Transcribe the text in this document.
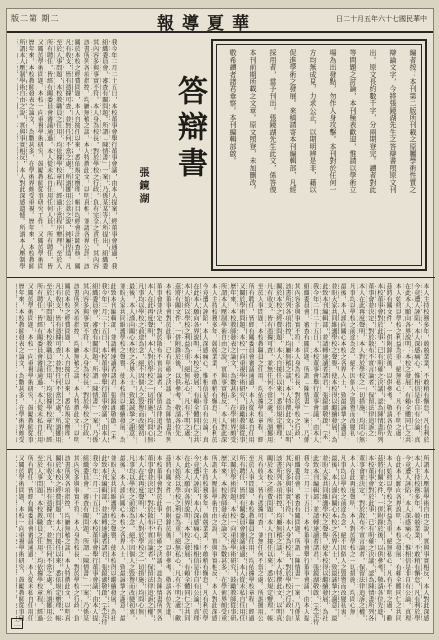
版二第 期二	報導夏華	日二十月五年六十七國民華中
編者按：本刊第二版所刊載之原屬學術性質之
辯論文字，今將張鏡湖先生之答辯書照原文刊
出。原文長約數千字，分兩期登完。讀者對此
等問題之討論，本刊極表歡迎，惟請以學術立
場為出發點，勿作人身攻擊。本刊對於任何一
方均無成見，力求公正，以期明辨是非，藉以
促進學術之發展。來稿請寄本刊編輯部，凡經
採用者，當予刊出。張鏡湖先生此文，係答復
本刊前期所載之文章。原文照登，未加刪改。
敬希讀者諸君垂察。本刊編輯部啟。
答辯書
張鏡湖
我今年二月二十五日，本校董事會舉行董事會議，由本人提案，經董事會通過，我
組織委員會，審查有關問題。所謂「陳情書」一案，乃係某某等人所提出，組織委
其內容多與事實不符。本人身為校長，對於學校之行政，負有完全之責任。其內容
該書所列各項指控，均屬無稽之談，本人特撰此文，以明真相，並請各界公評。該
關於本校之經費問題，本人自接任以來，悉依規定辦理，帳目均經會計師查核。關
凡有收支，皆有憑據可查，並無任何不當之處。所謂挪用公款之說，純屬捏造。凡
至於人事問題，本校教職員之任用，均依據學校章程，經過正當程序辦理。至於人
所有聘任，皆經有關委員會審議通過，本人從未私自任用任何人員。所有聘任，皆
又關於學術問題，本校一向重視學術研究，鼓勵教師從事研究工作。又關於學術問
歷年來，本校教師發表之論文，為數甚多，在學術界頗受重視。歷年來，本校教師
所謂本人壓制學術自由之說，實與事實相反，本人對此深感遺憾。所謂本人壓制學
本人主持校務多年，兢兢業業，不敢稍有懈怠，凡有利於
今竟遭人誣陷，本人深感痛心。惟相信是非自有公論，真
在此本人願向各界說明：本校之發展，有賴全體同仁之共
本人始終以學校之利益為重，絕無私心。凡有不明之處，
茲將有關文件，一併附錄於後，以供參考。敬請各位先
本校董事會對於此事，已有明確之決議，認為陳情書所列
董事會並決定，對於散布不實言論者，保留法律追訴之
本人在此再度聲明，本人對於學校之一切措施，均問心無
凡事均以學校之前途為念，絕不因個人之毀譽而改變初
最後，本人謹向關心本校之各界人士，致最誠摯之謝意。
並盼大家共同維護學校之聲譽，使本校得以繼續發展，為
此致本刊編輯部，並請轉達讀者諸君。張鏡湖敬啟。（未
我今年二月二十五日，本校董事會舉行董事會議，由本人
組織委員會，審查有關問題。所謂「陳情書」一案，乃係
其內容多與事實不符。本人身為校長，對於學校之行政，
該書所列各項指控，均屬無稽之談，本人特撰此文，以明
關於本校之經費問題，本人自接任以來，悉依規定辦理，
凡有收支，皆有憑據可查，並無任何不當之處。所謂挪用
至於人事問題，本校教職員之任用，均依據學校章程，經
所有聘任，皆經有關委員會審議通過，本人從未私自任用
又關於學術問題，本校一向重視學術研究，鼓勵教師從事
歷年來，本校教師發表之論文，為數甚多，在學術界頗受
所謂本人壓制學術自由之說，實與事實相反，本人對此深
本人主持校務多年，兢兢業業，不敢稍有懈怠，凡有利於
今竟遭人誣陷，本人深感痛心。惟相信是非自有公論，真
在此本人願向各界說明：本校之發展，有賴全體同仁之共
本人始終以學校之利益為重，絕無私心。凡有不明之處，
茲將有關文件，一併附錄於後，以供參考。敬請各位先
本校董事會對於此事，已有明確之決議，認為陳情書所列
董事會並決定，對於散布不實言論者，保留法律追訴之
本人在此再度聲明，本人對於學校之一切措施，均問心無
凡事均以學校之前途為念，絕不因個人之毀譽而改變初
最後，本人謹向關心本校之各界人士，致最誠摯之謝意。
並盼大家共同維護學校之聲譽，使本校得以繼續發展，為
此致本刊編輯部，並請轉達讀者諸君。張鏡湖敬啟。（未
我今年二月二十五日，本校董事會舉行董事會議，由本人
組織委員會，審查有關問題。所謂「陳情書」一案，乃係
其內容多與事實不符。本人身為校長，對於學校之行政，
該書所列各項指控，均屬無稽之談，本人特撰此文，以明
關於本校之經費問題，本人自接任以來，悉依規定辦理，
凡有收支，皆有憑據可查，並無任何不當之處。所謂挪用
至於人事問題，本校教職員之任用，均依據學校章程，經
所有聘任，皆經有關委員會審議通過，本人從未私自任用
又關於學術問題，本校一向重視學術研究，鼓勵教師從事
歷年來，本校教師發表之論文，為數甚多，在學術界頗受
所謂本人壓制學術自由之說，實與事實相反，本人對此深感
本人主持校務多年，兢兢業業，不敢稍有懈怠，凡有利於學
今竟遭人誣陷，本人深感痛心。惟相信是非自有公論，真理
在此本人願向各界說明：本校之發展，有賴全體同仁之共同
本人始終以學校之利益為重，絕無私心。凡有不明之處，歡
茲將有關文件，一併附錄於後，以供參考。敬請各位先進，
本校董事會對於此事，已有明確之決議，認為陳情書所列各
董事會並決定，對於散布不實言論者，保留法律追訴之權。
本人在此再度聲明，本人對於學校之一切措施，均問心無
凡事均以學校之前途為念，絕不因個人之毀譽而改變初衷。
最後，本人謹向關心本校之各界人士，致最誠摯之謝意。最
並盼大家共同維護學校之聲譽，使本校得以繼續發展，為社
此致本刊編輯部，並請轉達讀者諸君。張鏡湖敬啟。（未完待
我今年二月二十五日，本校董事會舉行董事會議，由本人提
組織委員會，審查有關問題。所謂「陳情書」一案，乃係某
其內容多與事實不符。本人身為校長，對於學校之行政，負
該書所列各項指控，均屬無稽之談，本人特撰此文，以明真
關於本校之經費問題，本人自接任以來，悉依規定辦理，帳
凡有收支，皆有憑據可查，並無任何不當之處。所謂挪用公
至於人事問題，本校教職員之任用，均依據學校章程，經過
所有聘任，皆經有關委員會審議通過，本人從未私自任用任
又關於學術問題，本校一向重視學術研究，鼓勵教師從事研
歷年來，本校教師發表之論文，為數甚多，在學術界頗受重
所謂本人壓制學術自由之說，實與事實相反，本人對此深感
本人主持校務多年，兢兢業業，不敢稍有懈怠，凡有利於學
今竟遭人誣陷，本人深感痛心。惟相信是非自有公論，真理
在此本人願向各界說明：本校之發展，有賴全體同仁之共同
本人始終以學校之利益為重，絕無私心。凡有不明之處，歡
茲將有關文件，一併附錄於後，以供參考。敬請各位先進，
本校董事會對於此事，已有明確之決議，認為陳情書所列各
董事會並決定，對於散布不實言論者，保留法律追訴之權。
本人在此再度聲明，本人對於學校之一切措施，均問心無
凡事均以學校之前途為念，絕不因個人之毀譽而改變初衷。
最後，本人謹向關心本校之各界人士，致最誠摯之謝意。最
並盼大家共同維護學校之聲譽，使本校得以繼續發展，為社
此致本刊編輯部，並請轉達讀者諸君。張鏡湖敬啟。（未完待
我今年二月二十五日，本校董事會舉行董事會議，由本人提
組織委員會，審查有關問題。所謂「陳情書」一案，乃係某
其內容多與事實不符。本人身為校長，對於學校之行政，負
該書所列各項指控，均屬無稽之談，本人特撰此文，以明真
關於本校之經費問題，本人自接任以來，悉依規定辦理，帳
凡有收支，皆有憑據可查，並無任何不當之處。所謂挪用公
至於人事問題，本校教職員之任用，均依據學校章程，經過
所有聘任，皆經有關委員會審議通過，本人從未私自任用任
又關於學術問題，本校一向重視學術研究，鼓勵教師從事研
二
